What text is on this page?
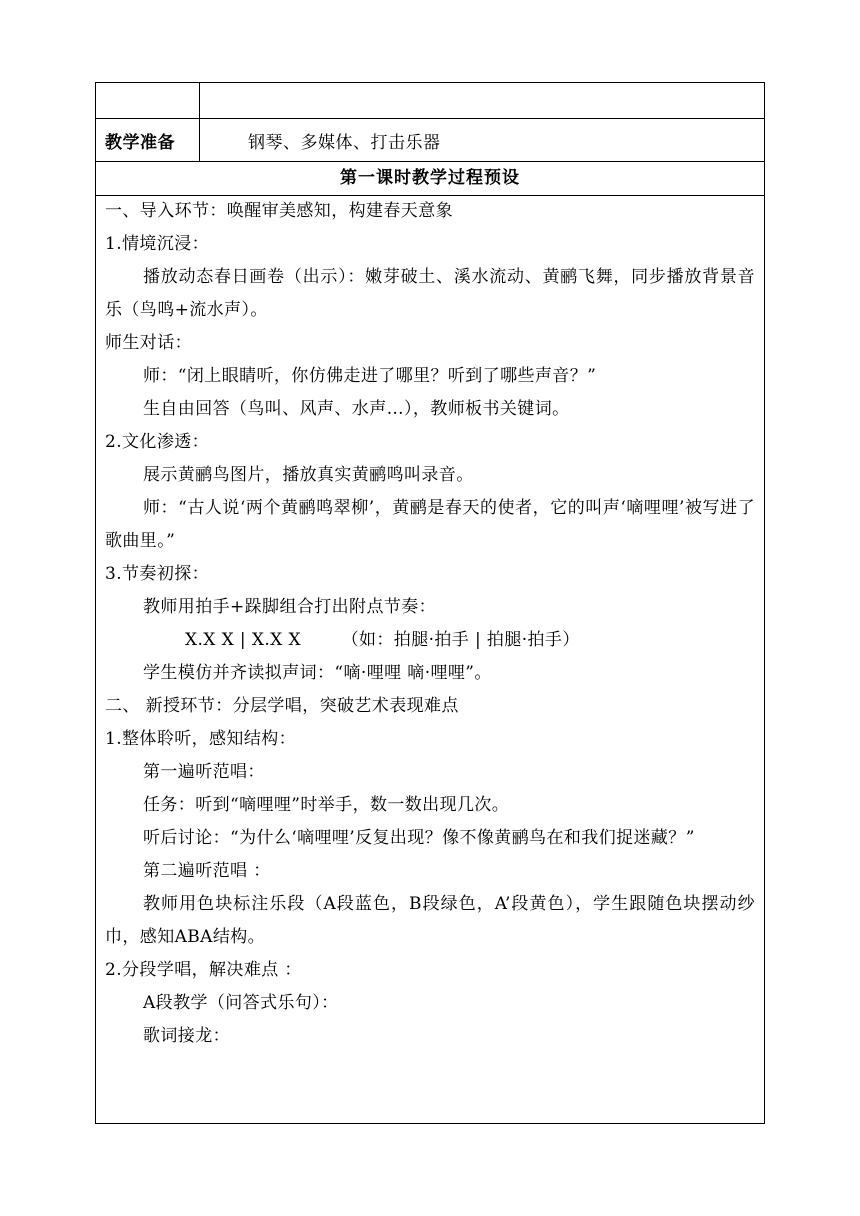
教学准备	钢琴、多媒体、打击乐器
第一课时教学过程预设

一、导入环节：唤醒审美感知，构建春天意象

1.情境沉浸：

播放动态春日画卷（出示）：嫩芽破土、溪水流动、黄鹂飞舞，同步播放背景音乐（鸟鸣+流水声）。

师生对话：

师：“闭上眼睛听，你仿佛走进了哪里？听到了哪些声音？”

生自由回答（鸟叫、风声、水声…），教师板书关键词。

2.文化渗透：

展示黄鹂鸟图片，播放真实黄鹂鸣叫录音。

师：“古人说‘两个黄鹂鸣翠柳’，黄鹂是春天的使者，它的叫声‘嘀哩哩’被写进了歌曲里。”

3.节奏初探：

教师用拍手+跺脚组合打出附点节奏：

X.X X | X.X X       （如：拍腿·拍手 | 拍腿·拍手）

学生模仿并齐读拟声词：“嘀·哩哩 嘀·哩哩”。

二、 新授环节：分层学唱，突破艺术表现难点

1.整体聆听，感知结构：

第一遍听范唱：

任务：听到“嘀哩哩”时举手，数一数出现几次。

听后讨论：“为什么‘嘀哩哩’反复出现？像不像黄鹂鸟在和我们捉迷藏？”

第二遍听范唱 ：

教师用色块标注乐段（A段蓝色，B段绿色，A’段黄色），学生跟随色块摆动纱巾，感知ABA结构。

2.分段学唱，解决难点 ：

A段教学（问答式乐句）：

歌词接龙：
